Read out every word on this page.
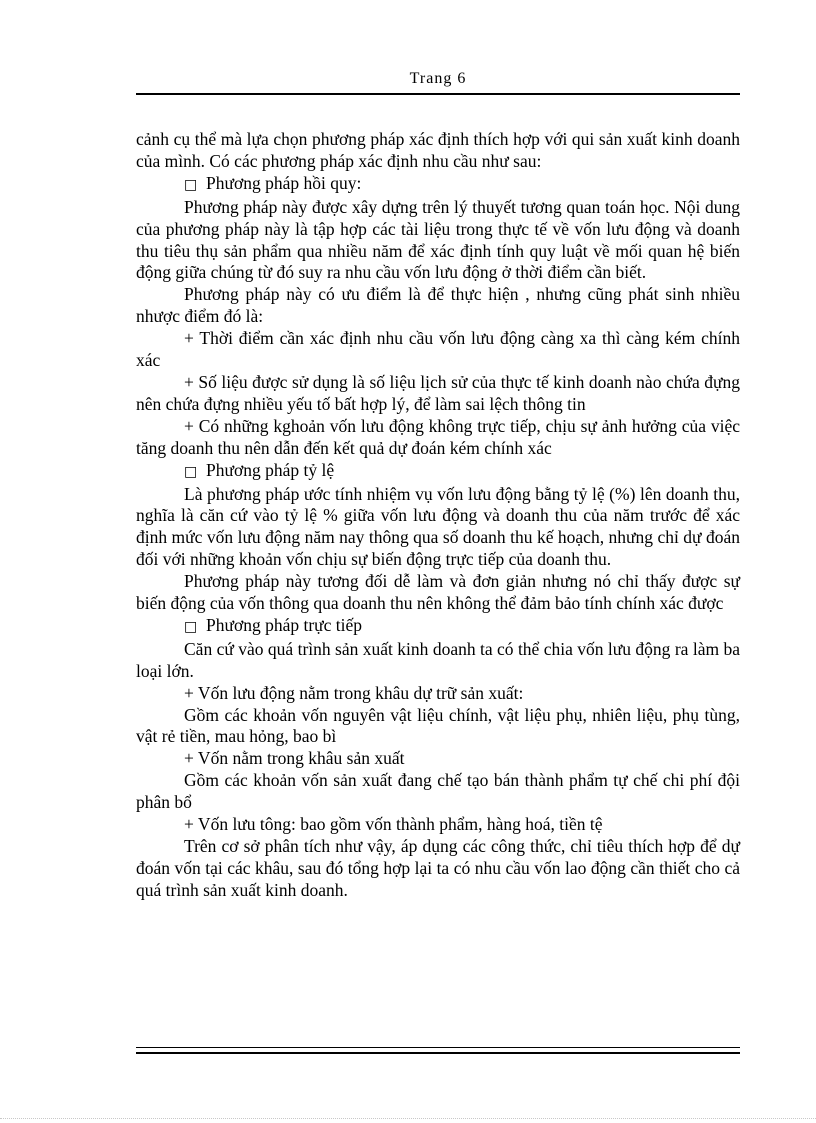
Trang 6

cảnh cụ thể mà lựa chọn phương pháp xác định thích hợp với qui sản xuất kinh doanh của mình. Có các phương pháp xác định nhu cầu như sau:

□ Phương pháp hồi quy:

Phương pháp này được xây dựng trên lý thuyết tương quan toán học. Nội dung của phương pháp này là tập hợp các tài liệu trong thực tế về vốn lưu động và doanh thu tiêu thụ sản phẩm qua nhiều năm để xác định tính quy luật về mối quan hệ biến động giữa chúng từ đó suy ra nhu cầu vốn lưu động ở thời điểm cần biết.

Phương pháp này có ưu điểm là để thực hiện , nhưng cũng phát sinh nhiều nhược điểm đó là:

+ Thời điểm cần xác định nhu cầu vốn lưu động càng xa thì càng kém chính xác

+ Số liệu được sử dụng là số liệu lịch sử của thực tế kinh doanh nào chứa đựng nên chứa đựng nhiều yếu tố bất hợp lý, để làm sai lệch thông tin

+ Có những kghoản vốn lưu động không trực tiếp, chịu sự ảnh hưởng của việc tăng doanh thu nên dẫn đến kết quả dự đoán kém chính xác

□ Phương pháp tỷ lệ

Là phương pháp ước tính nhiệm vụ vốn lưu động bằng tỷ lệ (%) lên doanh thu, nghĩa là căn cứ vào tỷ lệ % giữa vốn lưu động và doanh thu của năm trước để xác định mức vốn lưu động năm nay thông qua số doanh thu kế hoạch, nhưng chỉ dự đoán đối với những khoản vốn chịu sự biến động trực tiếp của doanh thu.

Phương pháp này tương đối dễ làm và đơn giản nhưng nó chỉ thấy được sự biến động của vốn thông qua doanh thu nên không thể đảm bảo tính chính xác được

□ Phương pháp trực tiếp

Căn cứ vào quá trình sản xuất kinh doanh ta có thể chia vốn lưu động ra làm ba loại lớn.

+ Vốn lưu động nằm trong khâu dự trữ sản xuất:

Gồm các khoản vốn nguyên vật liệu chính, vật liệu phụ, nhiên liệu, phụ tùng, vật rẻ tiền, mau hỏng, bao bì

+ Vốn nằm trong khâu sản xuất

Gồm các khoản vốn sản xuất đang chế tạo bán thành phẩm tự chế chi phí đội phân bổ

+ Vốn lưu tông: bao gồm vốn thành phẩm, hàng hoá, tiền tệ

Trên cơ sở phân tích như vậy, áp dụng các công thức, chỉ tiêu thích hợp để dự đoán vốn tại các khâu, sau đó tổng hợp lại ta có nhu cầu vốn lao động cần thiết cho cả quá trình sản xuất kinh doanh.
